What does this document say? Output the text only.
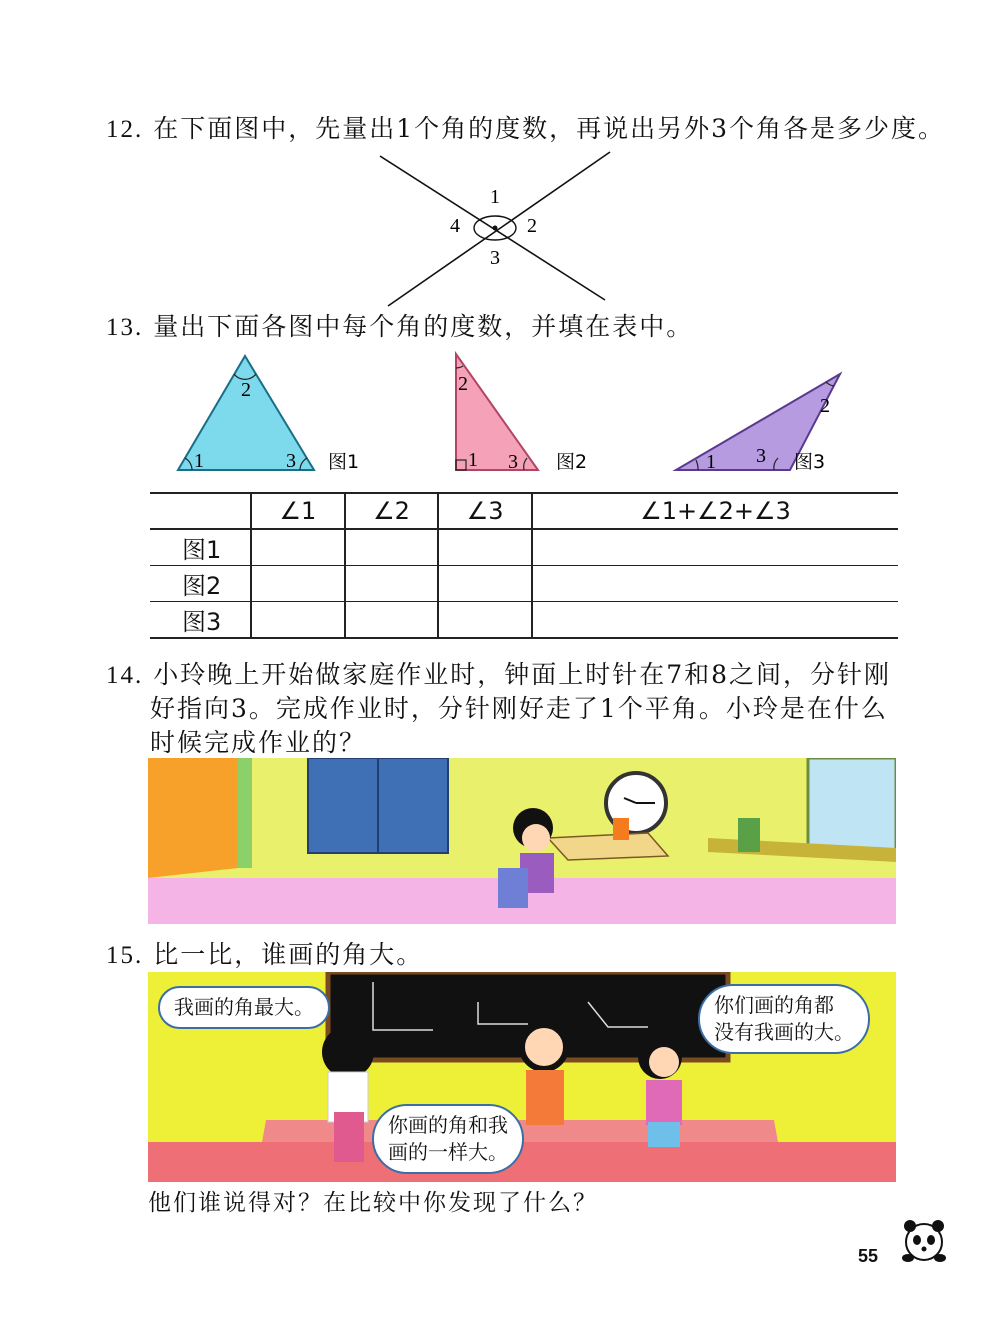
12. 在下面图中，先量出1个角的度数，再说出另外3个角各是多少度。
1
2
3
4
13. 量出下面各图中每个角的度数，并填在表中。
2
1	3 图1
2
1 3 图2	1
2
3 图3
	∠1	∠2	∠3	∠1+∠2+∠3
图1				
图2				
图3				
14. 小玲晚上开始做家庭作业时，钟面上时针在7和8之间，分针刚
好指向3。完成作业时，分针刚好走了1个平角。小玲是在什么
时候完成作业的？
15. 比一比，谁画的角大。
我画的角最大。	你们画的角都
没有我画的大。
你画的角和我
画的一样大。
他们谁说得对？在比较中你发现了什么？
55
